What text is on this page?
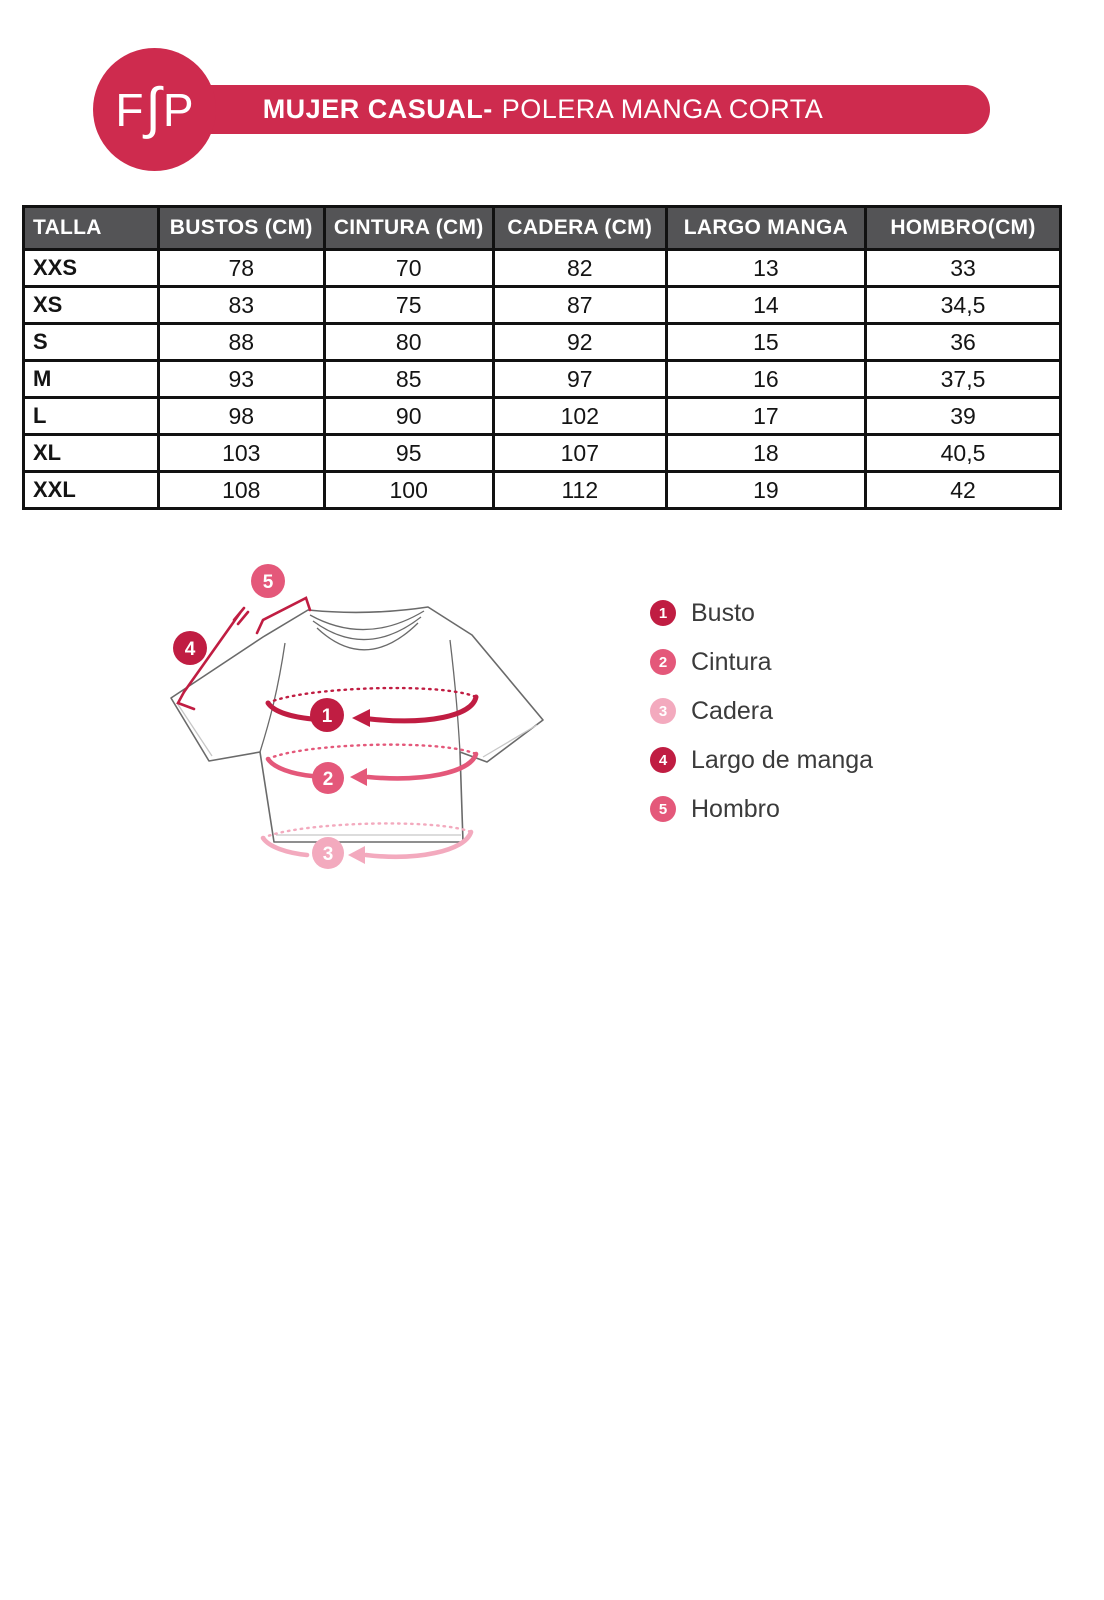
MUJER CASUAL- POLERA MANGA CORTA
F ∫ P
TALLA	BUSTOS (CM)	CINTURA (CM)	CADERA (CM)	LARGO MANGA	HOMBRO(CM)
XXS	78	70	82	13	33
XS	83	75	87	14	34,5
S	88	80	92	15	36
M	93	85	97	16	37,5
L	98	90	102	17	39
XL	103	95	107	18	40,5
XXL	108	100	112	19	42
1
2
3
4
5
1 Busto
2 Cintura
3 Cadera
4 Largo de manga
5 Hombro
